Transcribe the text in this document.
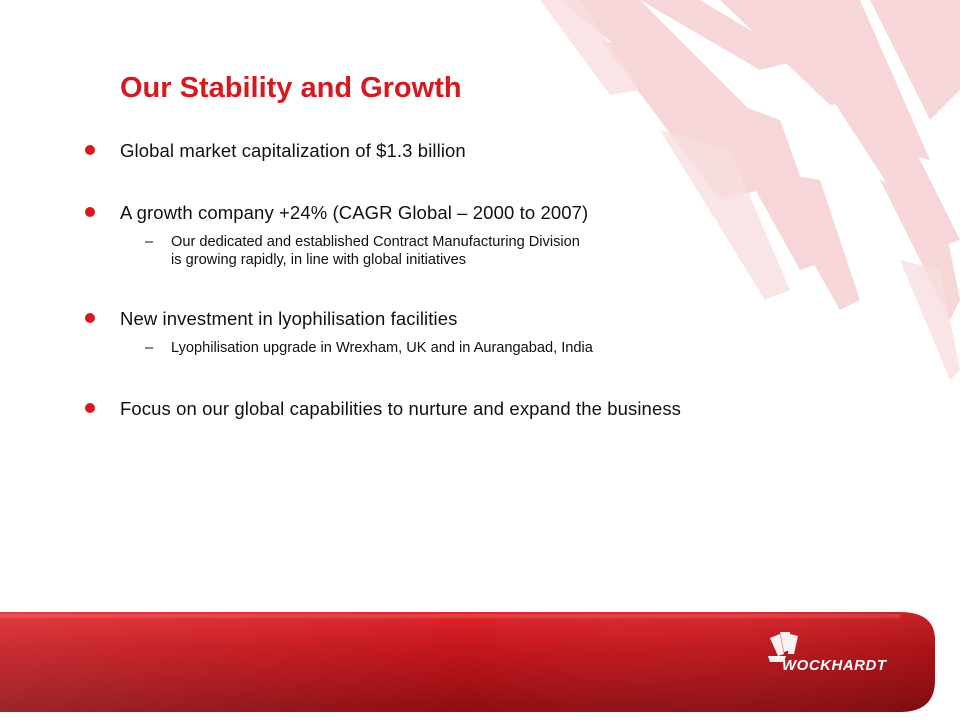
Our Stability and Growth
Global market capitalization of $1.3 billion
A growth company +24% (CAGR Global – 2000 to 2007)
– Our dedicated and established Contract Manufacturing Division
is growing rapidly, in line with global initiatives
New investment in lyophilisation facilities
– Lyophilisation upgrade in Wrexham, UK and in Aurangabad, India
Focus on our global capabilities to nurture and expand the business
WOCKHARDT
